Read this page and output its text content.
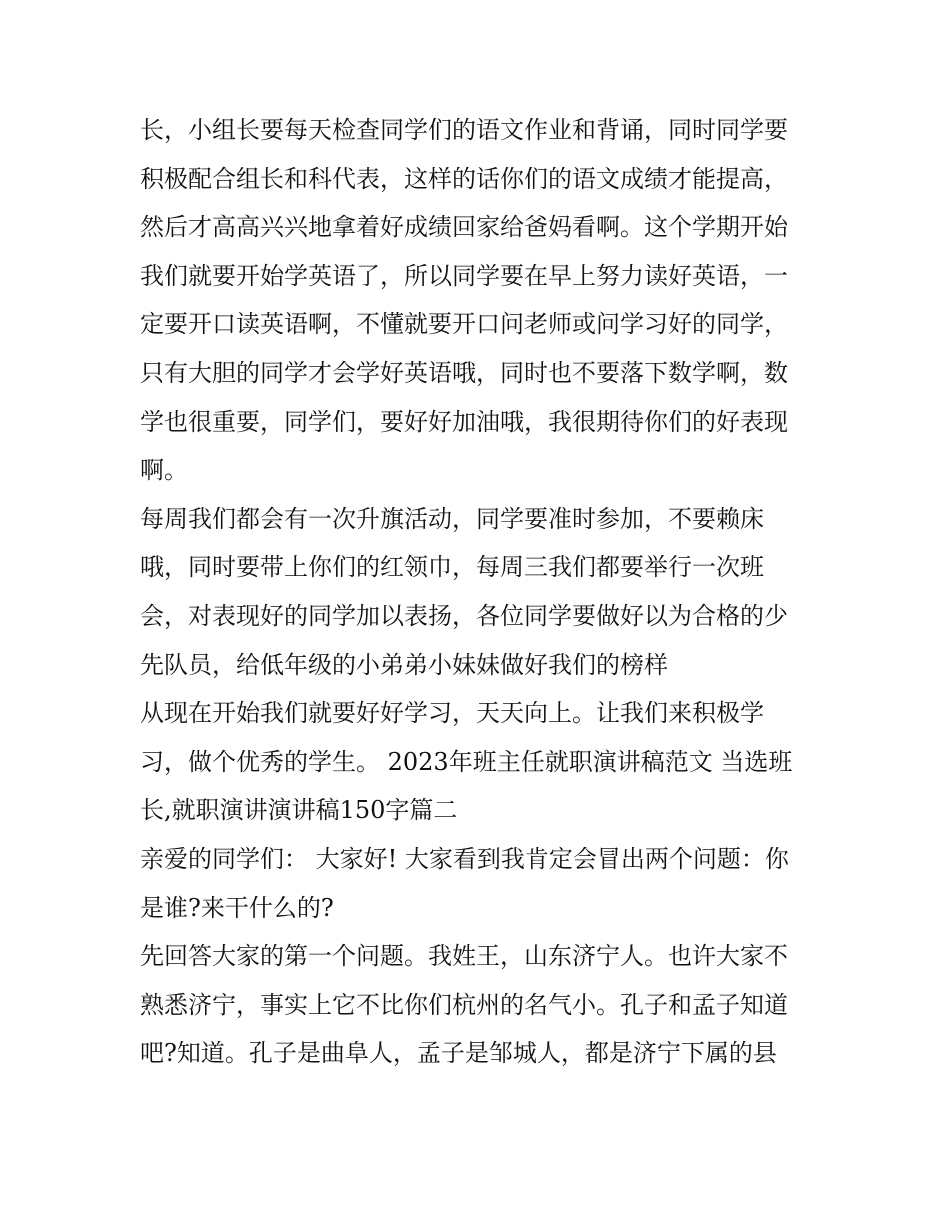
长，小组长要每天检查同学们的语文作业和背诵，同时同学要
积极配合组长和科代表，这样的话你们的语文成绩才能提高，
然后才高高兴兴地拿着好成绩回家给爸妈看啊。这个学期开始
我们就要开始学英语了，所以同学要在早上努力读好英语，一
定要开口读英语啊，不懂就要开口问老师或问学习好的同学，
只有大胆的同学才会学好英语哦，同时也不要落下数学啊，数
学也很重要，同学们，要好好加油哦，我很期待你们的好表现
啊。
每周我们都会有一次升旗活动，同学要准时参加，不要赖床
哦，同时要带上你们的红领巾，每周三我们都要举行一次班
会，对表现好的同学加以表扬，各位同学要做好以为合格的少
先队员，给低年级的小弟弟小妹妹做好我们的榜样
从现在开始我们就要好好学习，天天向上。让我们来积极学
习，做个优秀的学生。 2023年班主任就职演讲稿范文 当选班
长,就职演讲演讲稿150字篇二
亲爱的同学们： 大家好! 大家看到我肯定会冒出两个问题：你
是谁?来干什么的?
先回答大家的第一个问题。我姓王，山东济宁人。也许大家不
熟悉济宁，事实上它不比你们杭州的名气小。孔子和孟子知道
吧?知道。孔子是曲阜人，孟子是邹城人，都是济宁下属的县
